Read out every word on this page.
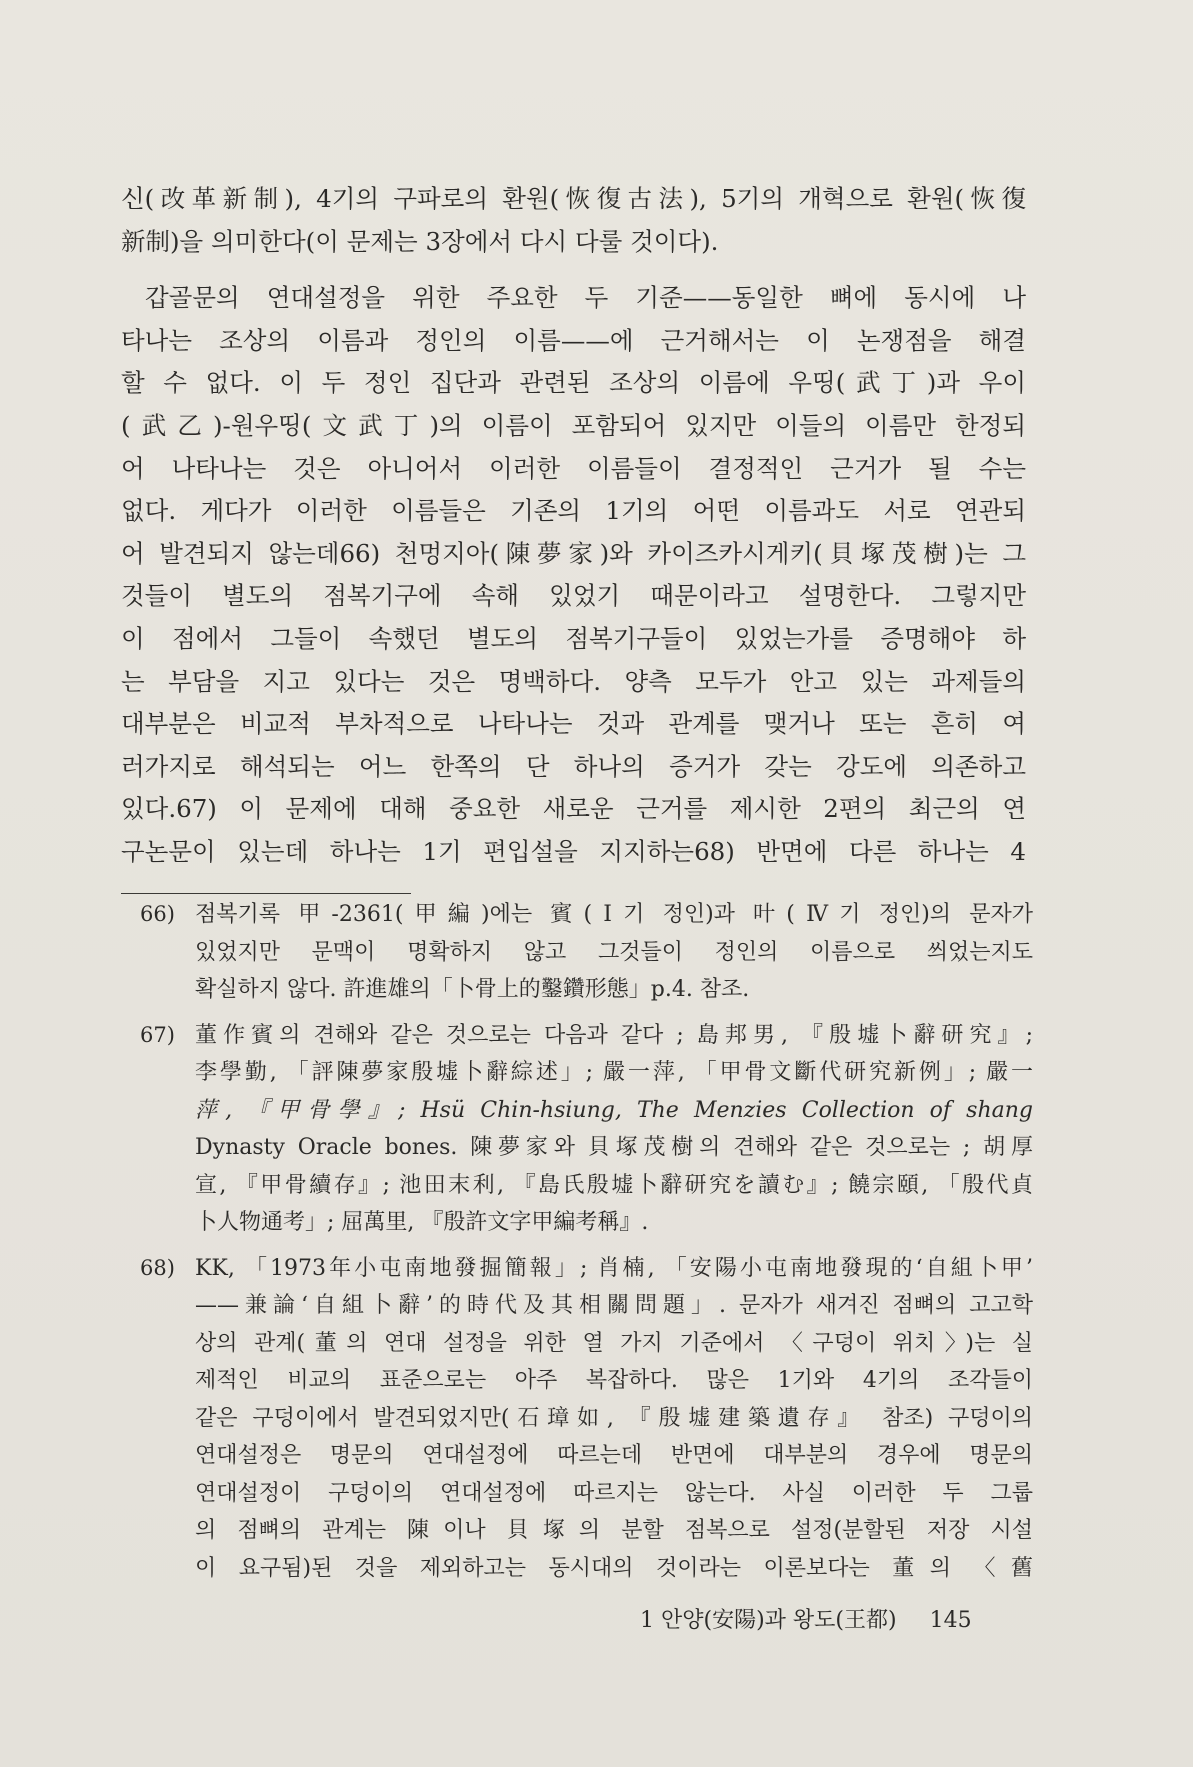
신(改革新制), 4기의 구파로의 환원(恢復古法), 5기의 개혁으로 환원(恢復
新制)을 의미한다(이 문제는 3장에서 다시 다룰 것이다).
갑골문의 연대설정을 위한 주요한 두 기준——동일한 뼈에 동시에 나
타나는 조상의 이름과 정인의 이름——에 근거해서는 이 논쟁점을 해결
할 수 없다. 이 두 정인 집단과 관련된 조상의 이름에 우띵(武丁)과 우이
(武乙)-원우띵(文武丁)의 이름이 포함되어 있지만 이들의 이름만 한정되
어 나타나는 것은 아니어서 이러한 이름들이 결정적인 근거가 될 수는
없다. 게다가 이러한 이름들은 기존의 1기의 어떤 이름과도 서로 연관되
어 발견되지 않는데66) 천멍지아(陳夢家)와 카이즈카시게키(貝塚茂樹)는 그
것들이 별도의 점복기구에 속해 있었기 때문이라고 설명한다. 그렇지만
이 점에서 그들이 속했던 별도의 점복기구들이 있었는가를 증명해야 하
는 부담을 지고 있다는 것은 명백하다. 양측 모두가 안고 있는 과제들의
대부분은 비교적 부차적으로 나타나는 것과 관계를 맺거나 또는 흔히 여
러가지로 해석되는 어느 한쪽의 단 하나의 증거가 갖는 강도에 의존하고
있다.67) 이 문제에 대해 중요한 새로운 근거를 제시한 2편의 최근의 연
구논문이 있는데 하나는 1기 편입설을 지지하는68) 반면에 다른 하나는 4
66) 점복기록 甲-2361(甲編)에는 賓(Ⅰ기 정인)과 叶(Ⅳ기 정인)의 문자가
있었지만 문맥이 명확하지 않고 그것들이 정인의 이름으로 씌었는지도
확실하지 않다. 許進雄의「卜骨上的鑿鑽形態」p.4. 참조.
67) 董作賓의 견해와 같은 것으로는 다음과 같다 ; 島邦男, 『殷墟卜辭研究』;
李學勤, 「評陳夢家殷墟卜辭綜述」; 嚴一萍, 「甲骨文斷代研究新例」; 嚴一
萍, 『甲骨學』; Hsü Chin-hsiung, The Menzies Collection of shang
Dynasty Oracle bones. 陳夢家와 貝塚茂樹의 견해와 같은 것으로는 ; 胡厚
宣, 『甲骨續存』; 池田末利, 『島氏殷墟卜辭研究を讀む』; 饒宗頤, 「殷代貞
卜人物通考」; 屈萬里, 『殷許文字甲編考稱』.
68) KK, 「1973年小屯南地發掘簡報」; 肖楠, 「安陽小屯南地發現的‘自組卜甲’
——兼論‘自組卜辭’的時代及其相關問題」. 문자가 새겨진 점뼈의 고고학
상의 관계(董의 연대 설정을 위한 열 가지 기준에서 〈구덩이 위치〉)는 실
제적인 비교의 표준으로는 아주 복잡하다. 많은 1기와 4기의 조각들이
같은 구덩이에서 발견되었지만(石璋如, 『殷墟建築遺存』 참조) 구덩이의
연대설정은 명문의 연대설정에 따르는데 반면에 대부분의 경우에 명문의
연대설정이 구덩이의 연대설정에 따르지는 않는다. 사실 이러한 두 그룹
의 점뼈의 관계는 陳이나 貝塚의 분할 점복으로 설정(분할된 저장 시설
이 요구됨)된 것을 제외하고는 동시대의 것이라는 이론보다는 董의 〈舊
1 안양(安陽)과 왕도(王都) 145
